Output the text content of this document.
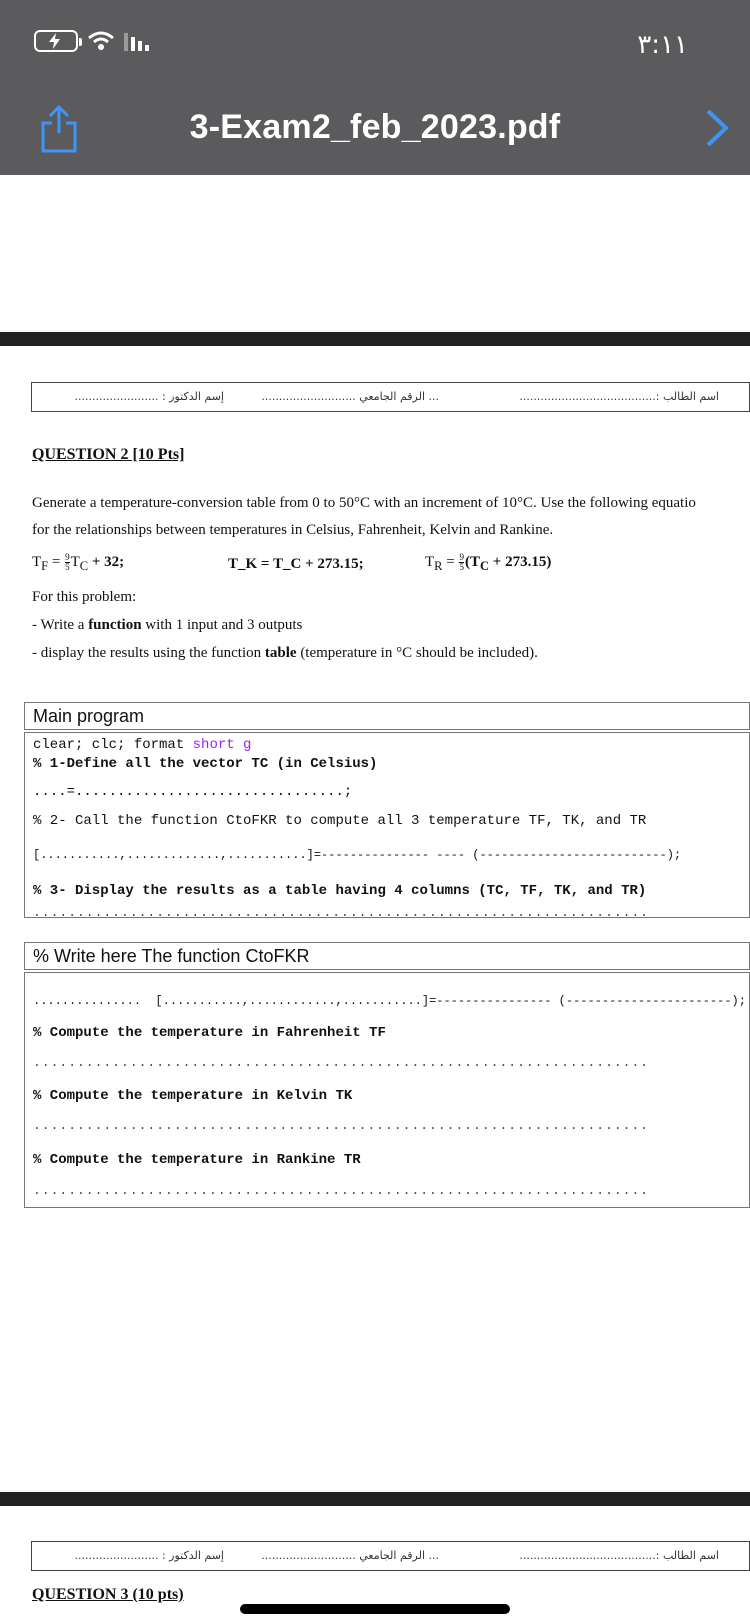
٣:١١
3-Exam2_feb_2023.pdf
اسم الطالب :.......................................
... الرقم الجامعي ...........................
إسم الدكتور : ........................
QUESTION 2 [10 Pts]
Generate a temperature-conversion table from 0 to 50°C with an increment of 10°C. Use the following equatio
for the relationships between temperatures in Celsius, Fahrenheit, Kelvin and Rankine.
$T_F = \frac{9}{5} T_C + 32$;	T_K = T_C + 273.15;	$T_R = \frac{9}{5} (T_C + 273.15)$
For this problem:
- Write a function with 1 input and 3 outputs
- display the results using the function table (temperature in °C should be included).
Main program
clear; clc; format short g
% 1-Define all the vector TC (in Celsius)
....=................................;
% 2- Call the function CtoFKR to compute all 3 temperature TF, TK, and TR
[...........,.............,...........]=--------------- ---- (--------------------------);
% 3- Display the results as a table having 4 columns (TC, TF, TK, and TR)
......................................................................
% Write here The function CtoFKR
...............  [...........,............,...........]=---------------- (-----------------------);
% Compute the temperature in Fahrenheit TF
......................................................................
% Compute the temperature in Kelvin TK
......................................................................
% Compute the temperature in Rankine TR
......................................................................
اسم الطالب :.......................................
... الرقم الجامعي ...........................
إسم الدكتور : ........................
QUESTION 3 (10 pts)
